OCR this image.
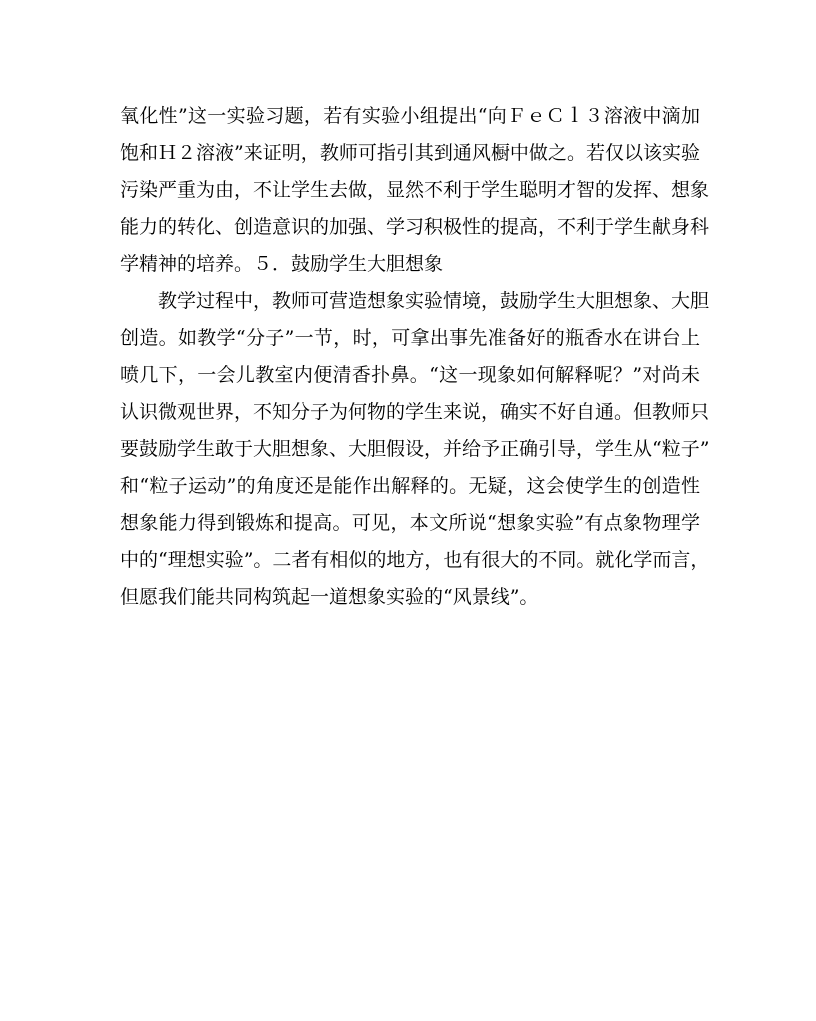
氧化性”这一实验习题，若有实验小组提出“向ＦｅＣｌ３溶液中滴加
饱和Ｈ２溶液”来证明，教师可指引其到通风橱中做之。若仅以该实验
污染严重为由，不让学生去做，显然不利于学生聪明才智的发挥、想象
能力的转化、创造意识的加强、学习积极性的提高，不利于学生献身科
学精神的培养。５．鼓励学生大胆想象
　　教学过程中，教师可营造想象实验情境，鼓励学生大胆想象、大胆
创造。如教学“分子”一节，时，可拿出事先准备好的瓶香水在讲台上
喷几下，一会儿教室内便清香扑鼻。“这一现象如何解释呢？”对尚未
认识微观世界，不知分子为何物的学生来说，确实不好自通。但教师只
要鼓励学生敢于大胆想象、大胆假设，并给予正确引导，学生从“粒子”
和“粒子运动”的角度还是能作出解释的。无疑，这会使学生的创造性
想象能力得到锻炼和提高。可见，本文所说“想象实验”有点象物理学
中的“理想实验”。二者有相似的地方，也有很大的不同。就化学而言，
但愿我们能共同构筑起一道想象实验的“风景线”。
